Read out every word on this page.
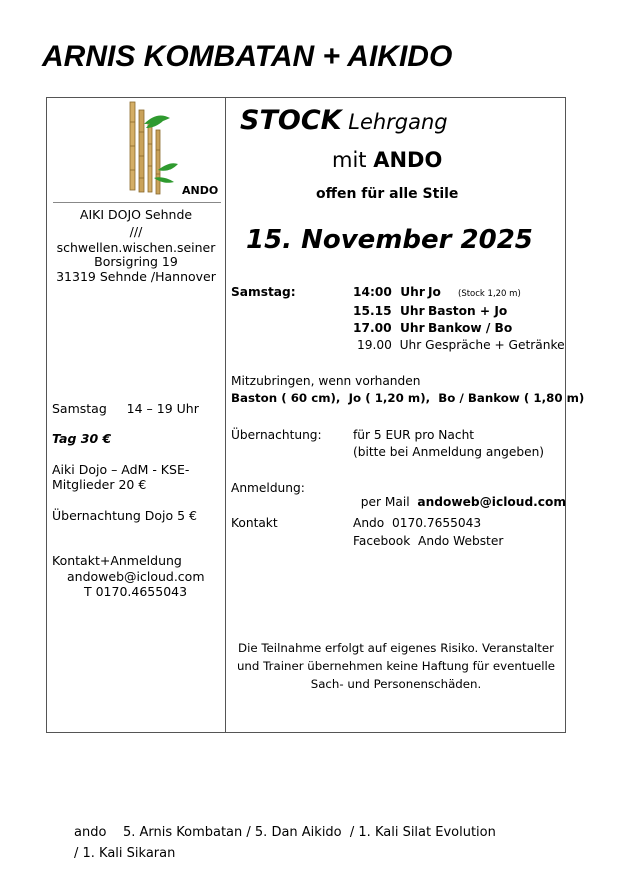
ARNIS KOMBATAN + AIKIDO
ANDO
AIKI DOJO Sehnde
///
schwellen.wischen.seiner
Borsigring 19
31319 Sehnde /Hannover
Samstag     14 – 19 Uhr
Tag 30 €
Aiki Dojo – AdM - KSE-
Mitglieder 20 €
Übernachtung Dojo 5 €
Kontakt+Anmeldung
andoweb@icloud.com
T 0170.4655043
STOCK Lehrgang
mit ANDO
offen für alle Stile
15. November 2025
Samstag:	14:00  Uhr Jo (Stock 1,20 m)
15.15  Uhr Baston + Jo
17.00  Uhr Bankow / Bo
19.00  Uhr Gespräche + Getränke
Mitzubringen, wenn vorhanden
Baston ( 60 cm),  Jo ( 1,20 m),  Bo / Bankow ( 1,80 m)
Übernachtung:	für 5 EUR pro Nacht
(bitte bei Anmeldung angeben)
Anmeldung:

per Mail  andoweb@icloud.com

Kontakt	Ando  0170.7655043
Facebook  Ando Webster
Die Teilnahme erfolgt auf eigenes Risiko. Veranstalter
und Trainer übernehmen keine Haftung für eventuelle
Sach- und Personenschäden.
ando    5. Arnis Kombatan / 5. Dan Aikido  / 1. Kali Silat Evolution
/ 1. Kali Sikaran
